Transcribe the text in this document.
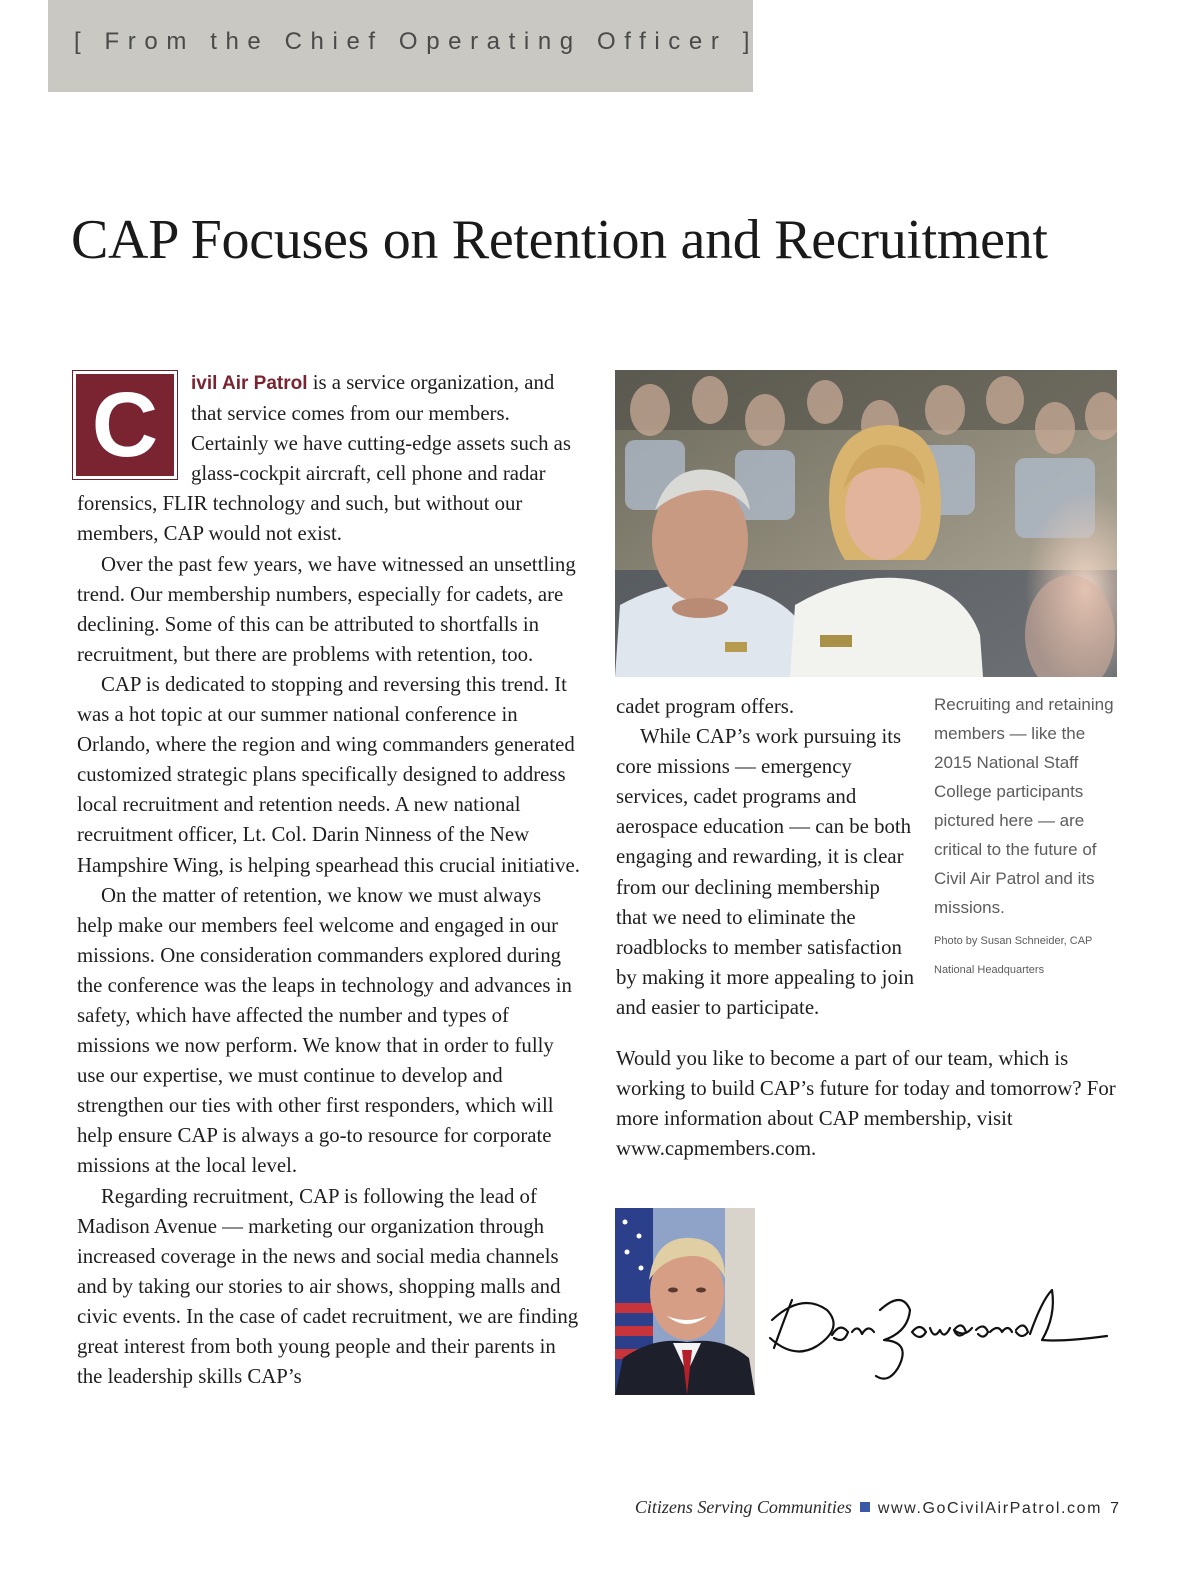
[ From the Chief Operating Officer ]
CAP Focuses on Retention and Recruitment

C	ivil Air Patrol is a service organization, and that service comes from our members. Certainly we have cutting-edge assets such as glass-cockpit aircraft, cell phone and radar forensics, FLIR technology and such, but without our members, CAP would not exist.

Over the past few years, we have witnessed an unsettling trend. Our membership numbers, especially for cadets, are declining. Some of this can be attributed to shortfalls in recruitment, but there are problems with retention, too.

CAP is dedicated to stopping and reversing this trend. It was a hot topic at our summer national conference in Orlando, where the region and wing commanders generated customized strategic plans specifically designed to address local recruitment and retention needs. A new national recruitment officer, Lt. Col. Darin Ninness of the New Hampshire Wing, is helping spearhead this crucial initiative.

On the matter of retention, we know we must always help make our members feel welcome and engaged in our missions. One consideration commanders explored during the conference was the leaps in technology and advances in safety, which have affected the number and types of missions we now perform. We know that in order to fully use our expertise, we must continue to develop and strengthen our ties with other first responders, which will help ensure CAP is always a go-to resource for corporate missions at the local level.

Regarding recruitment, CAP is following the lead of Madison Avenue — marketing our organization through increased coverage in the news and social media channels and by taking our stories to air shows, shopping malls and civic events. In the case of cadet recruitment, we are finding great interest from both young people and their parents in the leadership skills CAP’s

cadet program offers.

While CAP’s work pursuing its core missions — emergency services, cadet programs and aerospace education — can be both engaging and rewarding, it is clear from our declining membership that we need to eliminate the roadblocks to member satisfaction by making it more appealing to join and easier to participate.

Recruiting and retaining members — like the 2015 National Staff College participants pictured here — are critical to the future of Civil Air Patrol and its missions.
Photo by Susan Schneider, CAP National Headquarters

Would you like to become a part of our team, which is working to build CAP’s future for today and tomorrow? For more information about CAP membership, visit www.capmembers.com.

Citizens Serving Communities www.GoCivilAirPatrol.com 7
